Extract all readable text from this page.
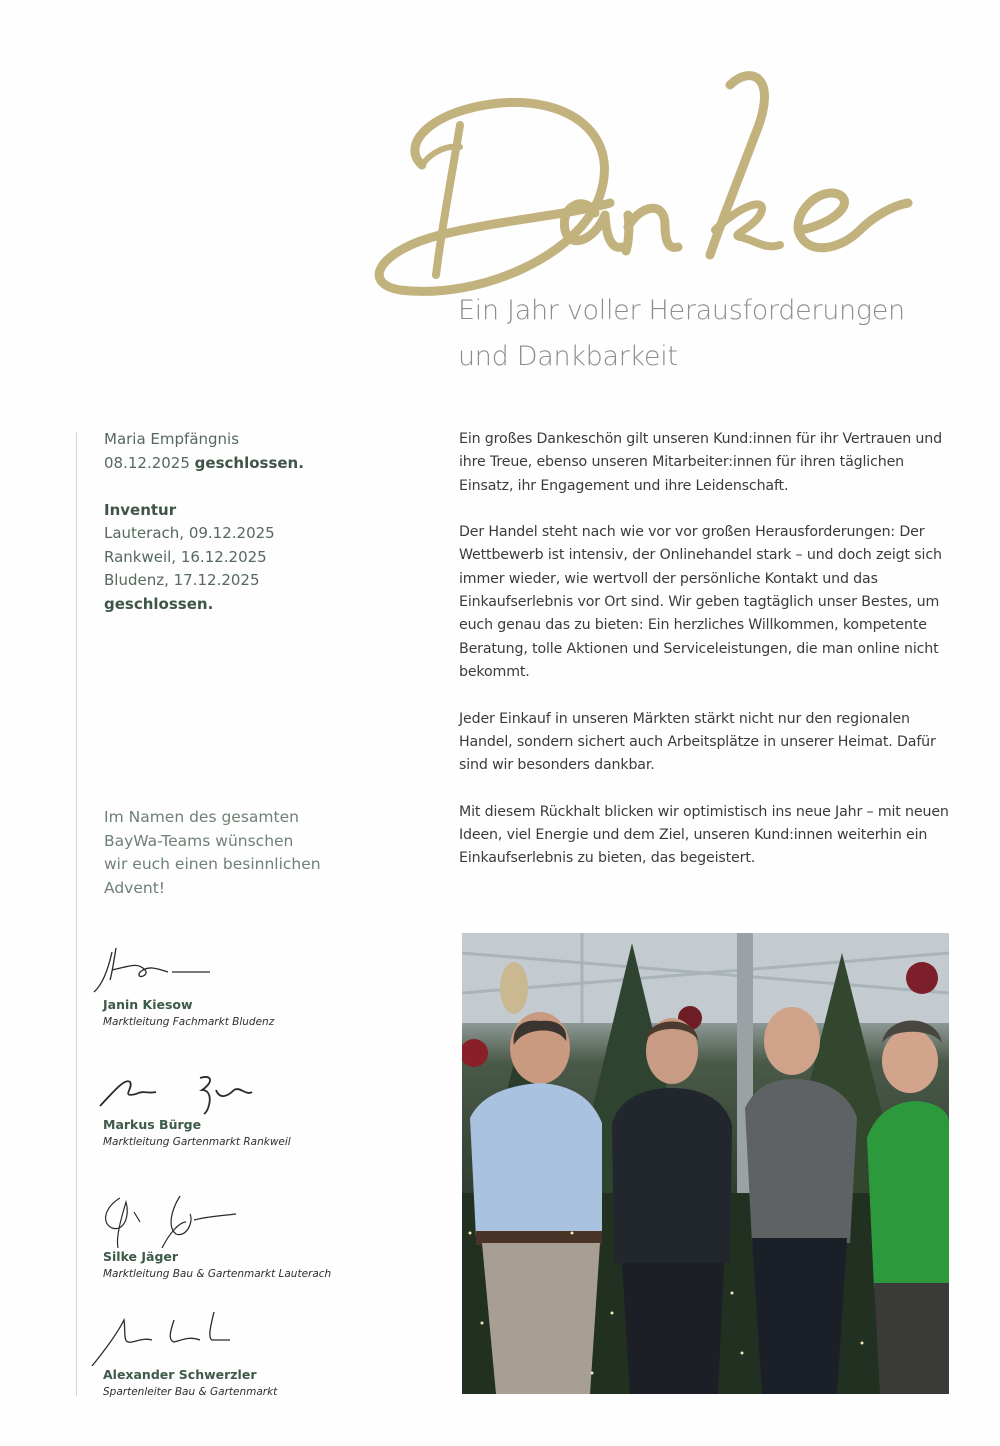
Ein Jahr voller Herausforderungen
und Dankbarkeit
Maria Empfängnis
08.12.2025 geschlossen.
Inventur
Lauterach, 09.12.2025
Rankweil, 16.12.2025
Bludenz, 17.12.2025
geschlossen.
Im Namen des gesamten
BayWa-Teams wünschen
wir euch einen besinnlichen
Advent!
Janin Kiesow
Marktleitung Fachmarkt Bludenz
Markus Bürge
Marktleitung Gartenmarkt Rankweil
Silke Jäger
Marktleitung Bau & Gartenmarkt Lauterach
Alexander Schwerzler
Spartenleiter Bau & Gartenmarkt

Ein großes Dankeschön gilt unseren Kund:innen für ihr Vertrauen und ihre Treue, ebenso unseren Mitarbeiter:innen für ihren täglichen Einsatz, ihr Engagement und ihre Leidenschaft.

Der Handel steht nach wie vor vor großen Herausforderungen: Der Wettbewerb ist intensiv, der Onlinehandel stark – und doch zeigt sich immer wieder, wie wertvoll der persönliche Kontakt und das Einkaufserlebnis vor Ort sind. Wir geben tagtäglich unser Bestes, um euch genau das zu bieten: Ein herzliches Willkommen, kompetente Beratung, tolle Aktionen und Serviceleistungen, die man online nicht bekommt.

Jeder Einkauf in unseren Märkten stärkt nicht nur den regionalen Handel, sondern sichert auch Arbeitsplätze in unserer Heimat. Dafür sind wir besonders dankbar.

Mit diesem Rückhalt blicken wir optimistisch ins neue Jahr – mit neuen Ideen, viel Energie und dem Ziel, unseren Kund:innen weiterhin ein Einkaufserlebnis zu bieten, das begeistert.
